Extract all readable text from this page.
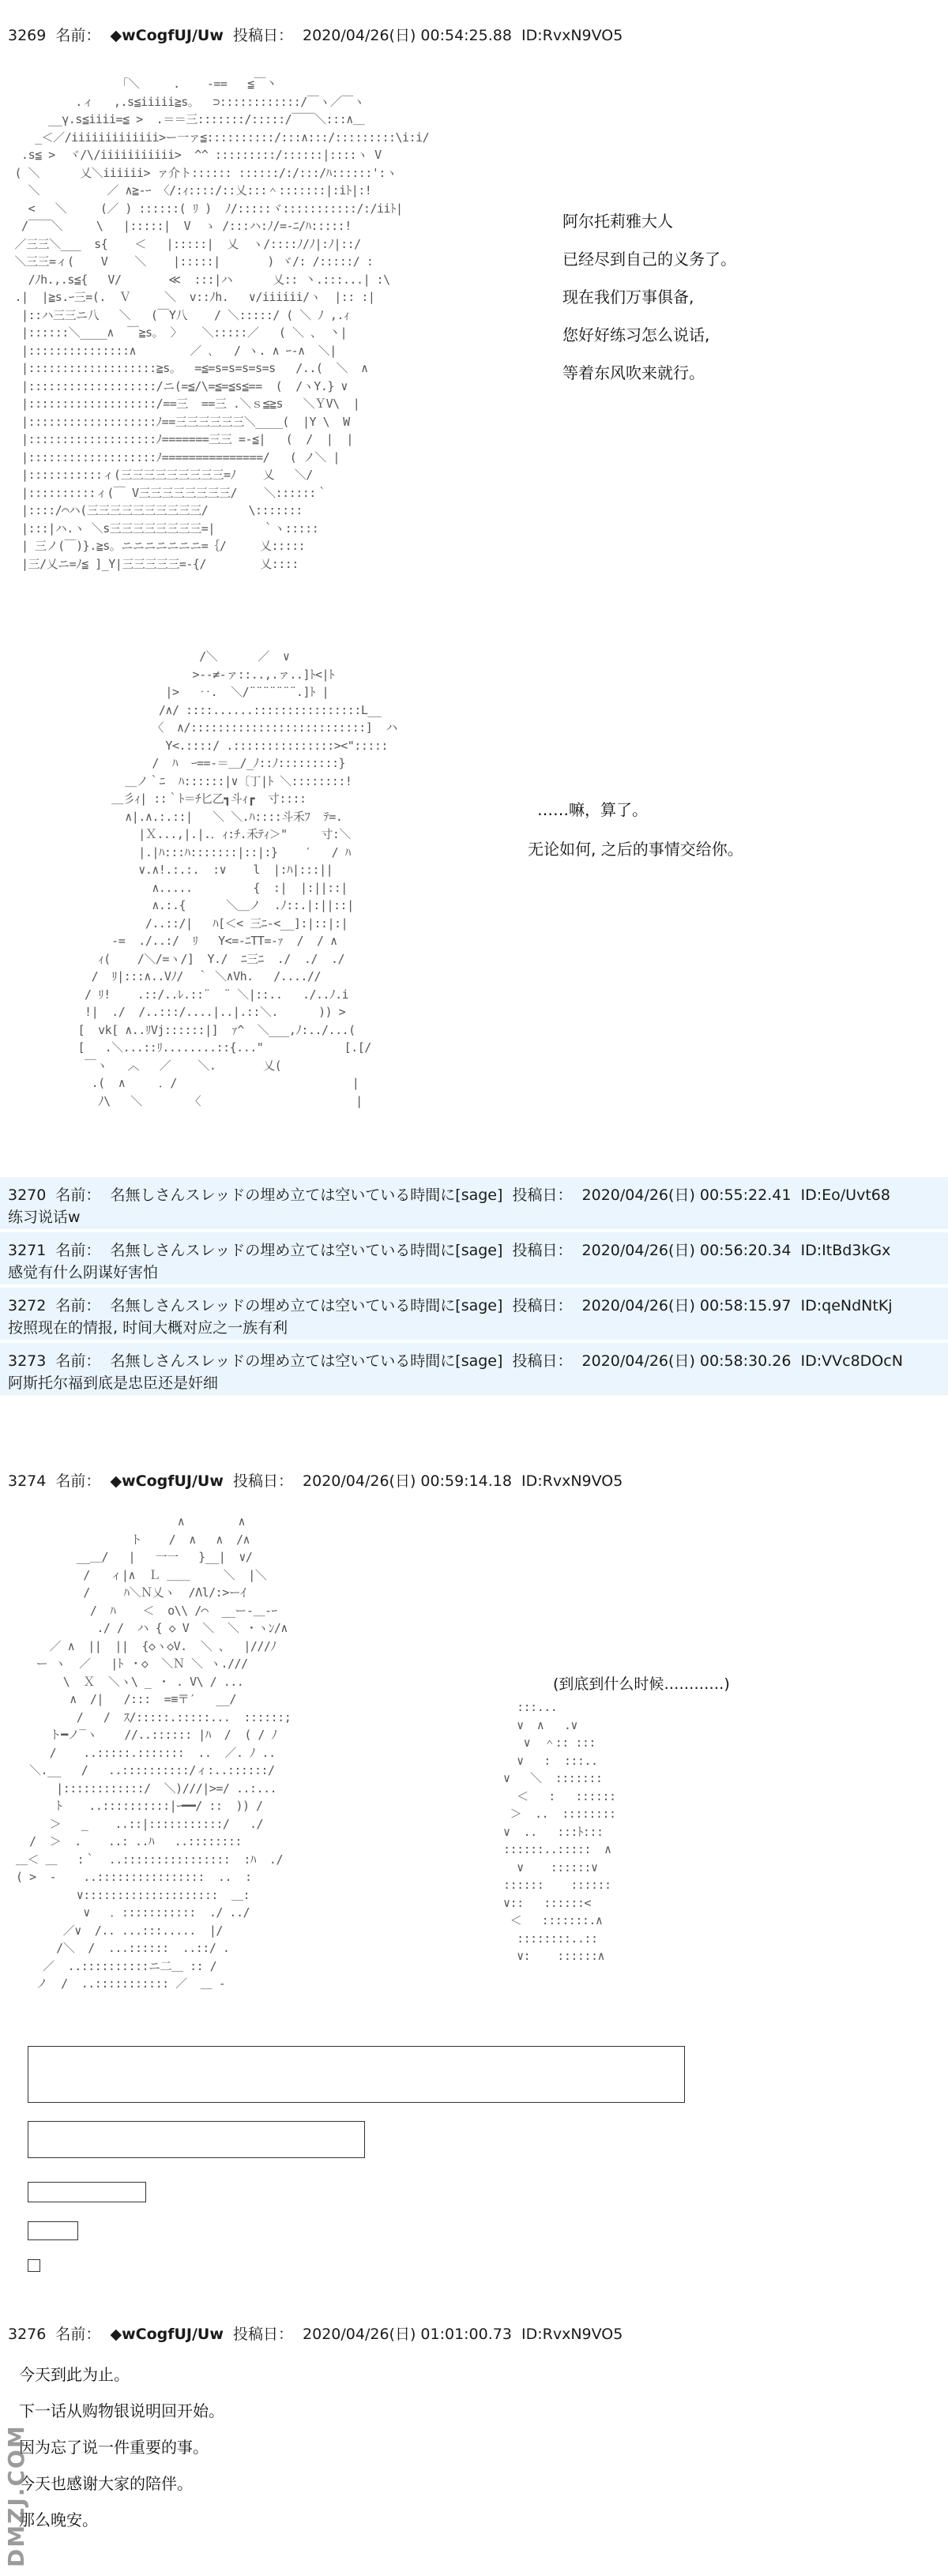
3269 名前： ◆wCogfUJ/Uw 投稿日： 2020/04/26(日) 00:54:25.88 ID:RvxN9VO5
｢＼     .    -==   ≦￣丶
.ィ   ,.s≦iiiii≧s。  ⊃::::::::::::/￣ヽ／￣ヽ
__γ.s≦iiii=≦ >  .＝＝三:::::::/:::::/￣￣＼:::∧＿
_＜／/iiiiiiiiiiiii>ー一ァ≦::::::::::/:::∧:::/:::::::::\i:i/
.s≦ >  ヾ/\/iiiiiiiiiii>  ^^ :::::::::/::::::|::::ヽ V
( ＼      乂＼iiiiii> ァ介ト:::::: ::::::/:/:::/ﾊ::::::':ヽ
＼          ／ ∧≧-ｰ 〈/:ｨ::::/::乂:::＾:::::::|:iﾄ|:!
<   ＼     (／ ) ::::::( ﾘ )  ﾉ/:::::ヾ:::::::::::/:/iiﾄ|
/￣￣＼     \   |:::::|  V  ゝ /:::ハ:ﾉ/=-ﾆ/ﾊ:::::!
／三三＼___  s{    ＜   |:::::|  乂  ヽ/::::ﾉ/ﾉ|:ﾉ|::/
＼三三=ィ(    V    ＼    |:::::|       ) ヾ/: /:::::/ :
/ﾉh.,.s≦{   V/       ≪  :::|ハ      乂:: 丶.:::...| :\
.|  |≧s.ｰ三=(.  Ｖ     ＼  v::ﾉh.   ∨/iiiiii/ヽ  |:: :|
|::ハ三三ニ八   ＼   (￣Y八    / ＼:::::/ ( ＼ ﾉ ,.ｨ
|::::::＼____∧  ￣≧s。 〉   ＼:::::／   ( ＼ 、 丶|
|:::::::::::::::∧        ／ ､   / ヽ. ∧ ｰ-∧  ＼|
|:::::::::::::::::::≧s。  =≦=s=s=s=s=s   /..(  ＼  ∧
|:::::::::::::::::::/ニ(=≦/\=≦=≦s≦==  (  /ヽY.} ∨
|:::::::::::::::::::/==三  ==三 .＼ｓ≦≧s   ＼ＹV\  |
|:::::::::::::::::::ﾉ==三三三三三三＼____(  |Y \  W
|:::::::::::::::::::ﾉ=======三三 =-≦|   (  /  |  |
|:::::::::::::::::::ﾉ===============/   ( ノ＼ |
|:::::::::::ィ(三三三三三三三三三=ﾉ    乂   ＼/
|::::::::::ィ(￣ V三三三三三三三三/    ＼::::::｀
|::::/⌒ハ(三三三三三三三三三三/      \:::::::
|:::|ハ.ヽ ＼s三三三三三三三三=|       ｀ヽ:::::
| 三ノ(￣)}.≧s。ニニニニニニニ=｛/     乂:::::
|三/乂ニ=ﾉ≦ ]_Y|三三三三三=-{/        乂::::
阿尔托莉雅大人
已经尽到自己的义务了。
现在我们万事俱备,
您好好练习怎么说话,
等着东风吹来就行。
/＼      ／  ∨
>-‐≠‐ァ::..,.ァ..]ﾄ<|ﾄ
|>   ‥.  ＼/¨¨¨¨¨¨¨.]ﾄ |
/∧/ ::::......::::::::::::::::L__
〈  ∧/::::::::::::::::::::::::::]  ハ
Y<.::::/ .:::::::::::::::><":::::
/  ﾊ  ｰ==-＝＿/_ﾉ::ﾉ:::::::::}
＿ノ｀ﾆ  ﾊ::::::|∨〔丁|ﾄ ＼::::::::!
＿彡ｨ| ::｀ﾄ＝ﾁ匕乙┓斗ｨ┏  寸::::
∧|.∧.:.::|   ＼ ＼.ﾊ::::斗禾ﾌ  ﾃ=.
|Ｘ...,|.|.．ｨ:ﾁ.禾ﾃｨ＞"     寸:＼
|.|ﾊ:::ﾊ:::::::|::|:}    ′   / ﾊ
∨.∧!.:.:.  :∨    l  |:ﾊ|:::||
∧.....         {  :|  |:||::|
∧.:.{      ＼＿ノ  .ﾉ::.|:||::|
/..::/|   ﾊ[＜< 三ﾆ-<__]:|::|:|
-=  ./..:/  ﾘ   Y<=-ﾆTT=-ｧ  /  / ∧
ｨ(    /＼/=ヽ/]  Y./  ﾆ三ﾆ  ./  ./  ./
/  ﾘ|:::∧..Vﾉ/  ｀ ＼∧Vh.   /....//
/ ﾘ!    .::/..ﾚ.::¨  ¨ ＼|::..   ./..ﾉ.i
!|  ./  /..:::/....|..|.::＼.      )) >
[  vk[ ∧..ﾘVj::::::|]  ｧ^  ＼___,ﾉ:../...(
[   .＼...::ﾘ........::{..."            [.[/
￣ヽ   ︿   ／    ＼.       乂(
.(  ∧     ．/                          |
ﾉ\   ＼       〈                       |
……嘛，算了。
无论如何, 之后的事情交给你。
3270 名前： 名無しさんスレッドの埋め立ては空いている時間に[sage] 投稿日： 2020/04/26(日) 00:55:22.41 ID:Eo/Uvt68
练习说话w
3271 名前： 名無しさんスレッドの埋め立ては空いている時間に[sage] 投稿日： 2020/04/26(日) 00:56:20.34 ID:ItBd3kGx
感觉有什么阴谋好害怕
3272 名前： 名無しさんスレッドの埋め立ては空いている時間に[sage] 投稿日： 2020/04/26(日) 00:58:15.97 ID:qeNdNtKj
按照现在的情报, 时间大概对应之一族有利
3273 名前： 名無しさんスレッドの埋め立ては空いている時間に[sage] 投稿日： 2020/04/26(日) 00:58:30.26 ID:VVc8DOcN
阿斯托尔福到底是忠臣还是奸细
3274 名前： ◆wCogfUJ/Uw 投稿日： 2020/04/26(日) 00:59:14.18 ID:RvxN9VO5
∧        ∧
ト    /  ∧   ∧  /∧
__＿/   |   一一   }__|  ∨/
/   ィ|∧  Ｌ ＿＿     ＼  |＼
/     ﾊ＼Ｎ乂ヽ  /Λl/:>ーｲ
/  ﾊ    ＜  o\\ /⌒  __ー-＿-ｰ
./ /  ハ { ◇ V  ＼  ＼ ・ヽﾝ/∧
／ ∧  ||  ||  {◇ヽ◇V.  ＼ 、  |///ﾉ
ー ヽ  ／   |ﾄ ・◇  ＼Ｎ ＼ ヽ.///
\  Ｘ  ＼ヽ\ _ ・ . V\ / ...
∧  /|   /:::  =≡〒′   __/
/   /  ｽ/:::::.:::::...  ::::::;
ト━ノ‾ヽ    //..:::::: |ﾊ  /  ( / ﾉ
/    ..:::::.:::::::  ..  ／. ﾉ ..
＼.__   /   ..::::::::::/ィ:..::::::/
|::::::::::::/  ＼)///|>=/ ..:...
ﾄ    ..::::::::::|ｰ━━/ ::  )) /
＞   _    ..::|:::::::::::/   ./
/  ＞  .    ..: ..ﾊ   ..::::::::
＿＜ ＿   :｀  ..::::::::::::::::  :ﾊ  ./
( >  -    ..::::::::::::::::  ..  :
∨::::::::::::::::::::  ＿:
∨   ．:::::::::::  ./ ../
／∨  /.. ...:::.....  |/
/＼  /  ...::::::  ..::/ .
／  ..::::::::::ニ二＿ :: /
ノ  /  ..::::::::::: ／  ＿ -
:::...
∨  ∧   .∨
∨  ＾:: :::
∨   :  :::..
∨   ＼  :::::::
＜   :   ::::::
＞  ..  ::::::::
∨  ..   :::ﾄ:::
::::::..:::::  ∧
∨    ::::::∨
::::::    ::::::
∨::   ::::::<
＜   :::::::.∧
::::::::..::
∨:    ::::::∧
(到底到什么时候…………)
3276 名前： ◆wCogfUJ/Uw 投稿日： 2020/04/26(日) 01:01:00.73 ID:RvxN9VO5
今天到此为止。
下一话从购物银说明回开始。
因为忘了说一件重要的事。
今天也感谢大家的陪伴。
那么晚安。
DMZJ.COM
